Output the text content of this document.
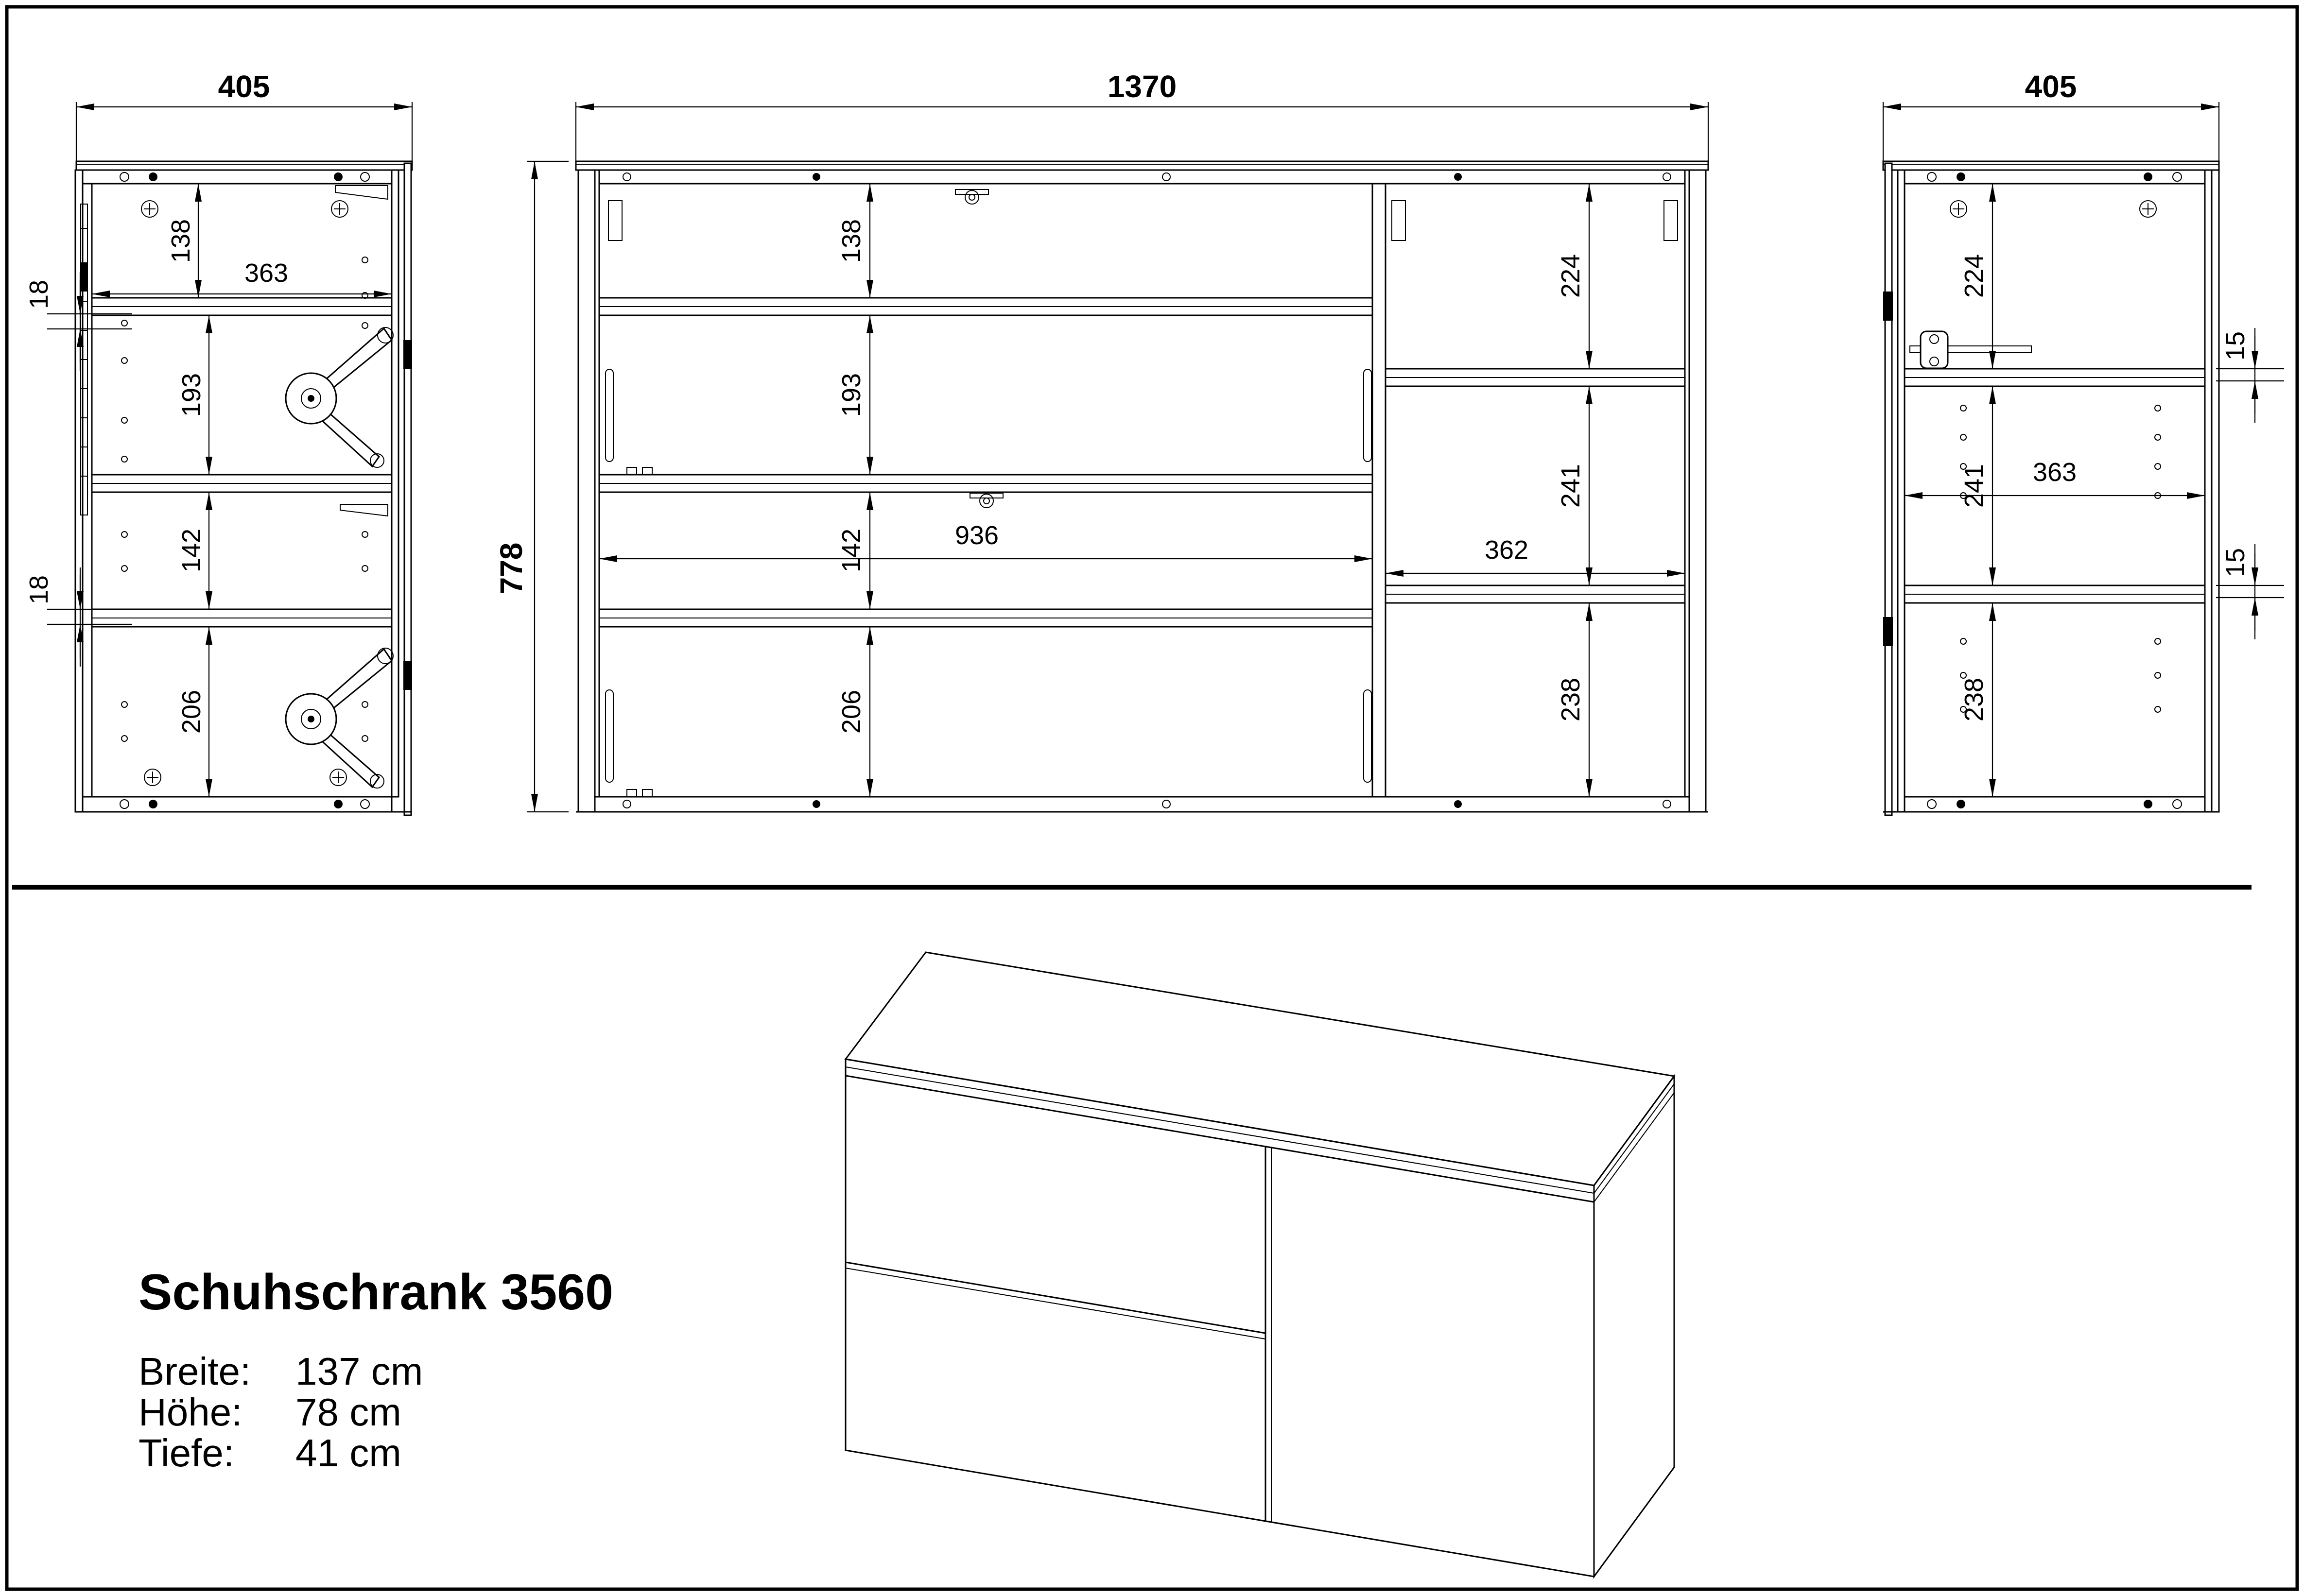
405
138
363
18
193
142
18
206
1370
778
138
193
142
206
936
224
241
238
362
405
224
15
363
241
15
238
Schuhschrank 3560
Breite: 137 cm
Höhe: 78 cm
Tiefe: 41 cm
